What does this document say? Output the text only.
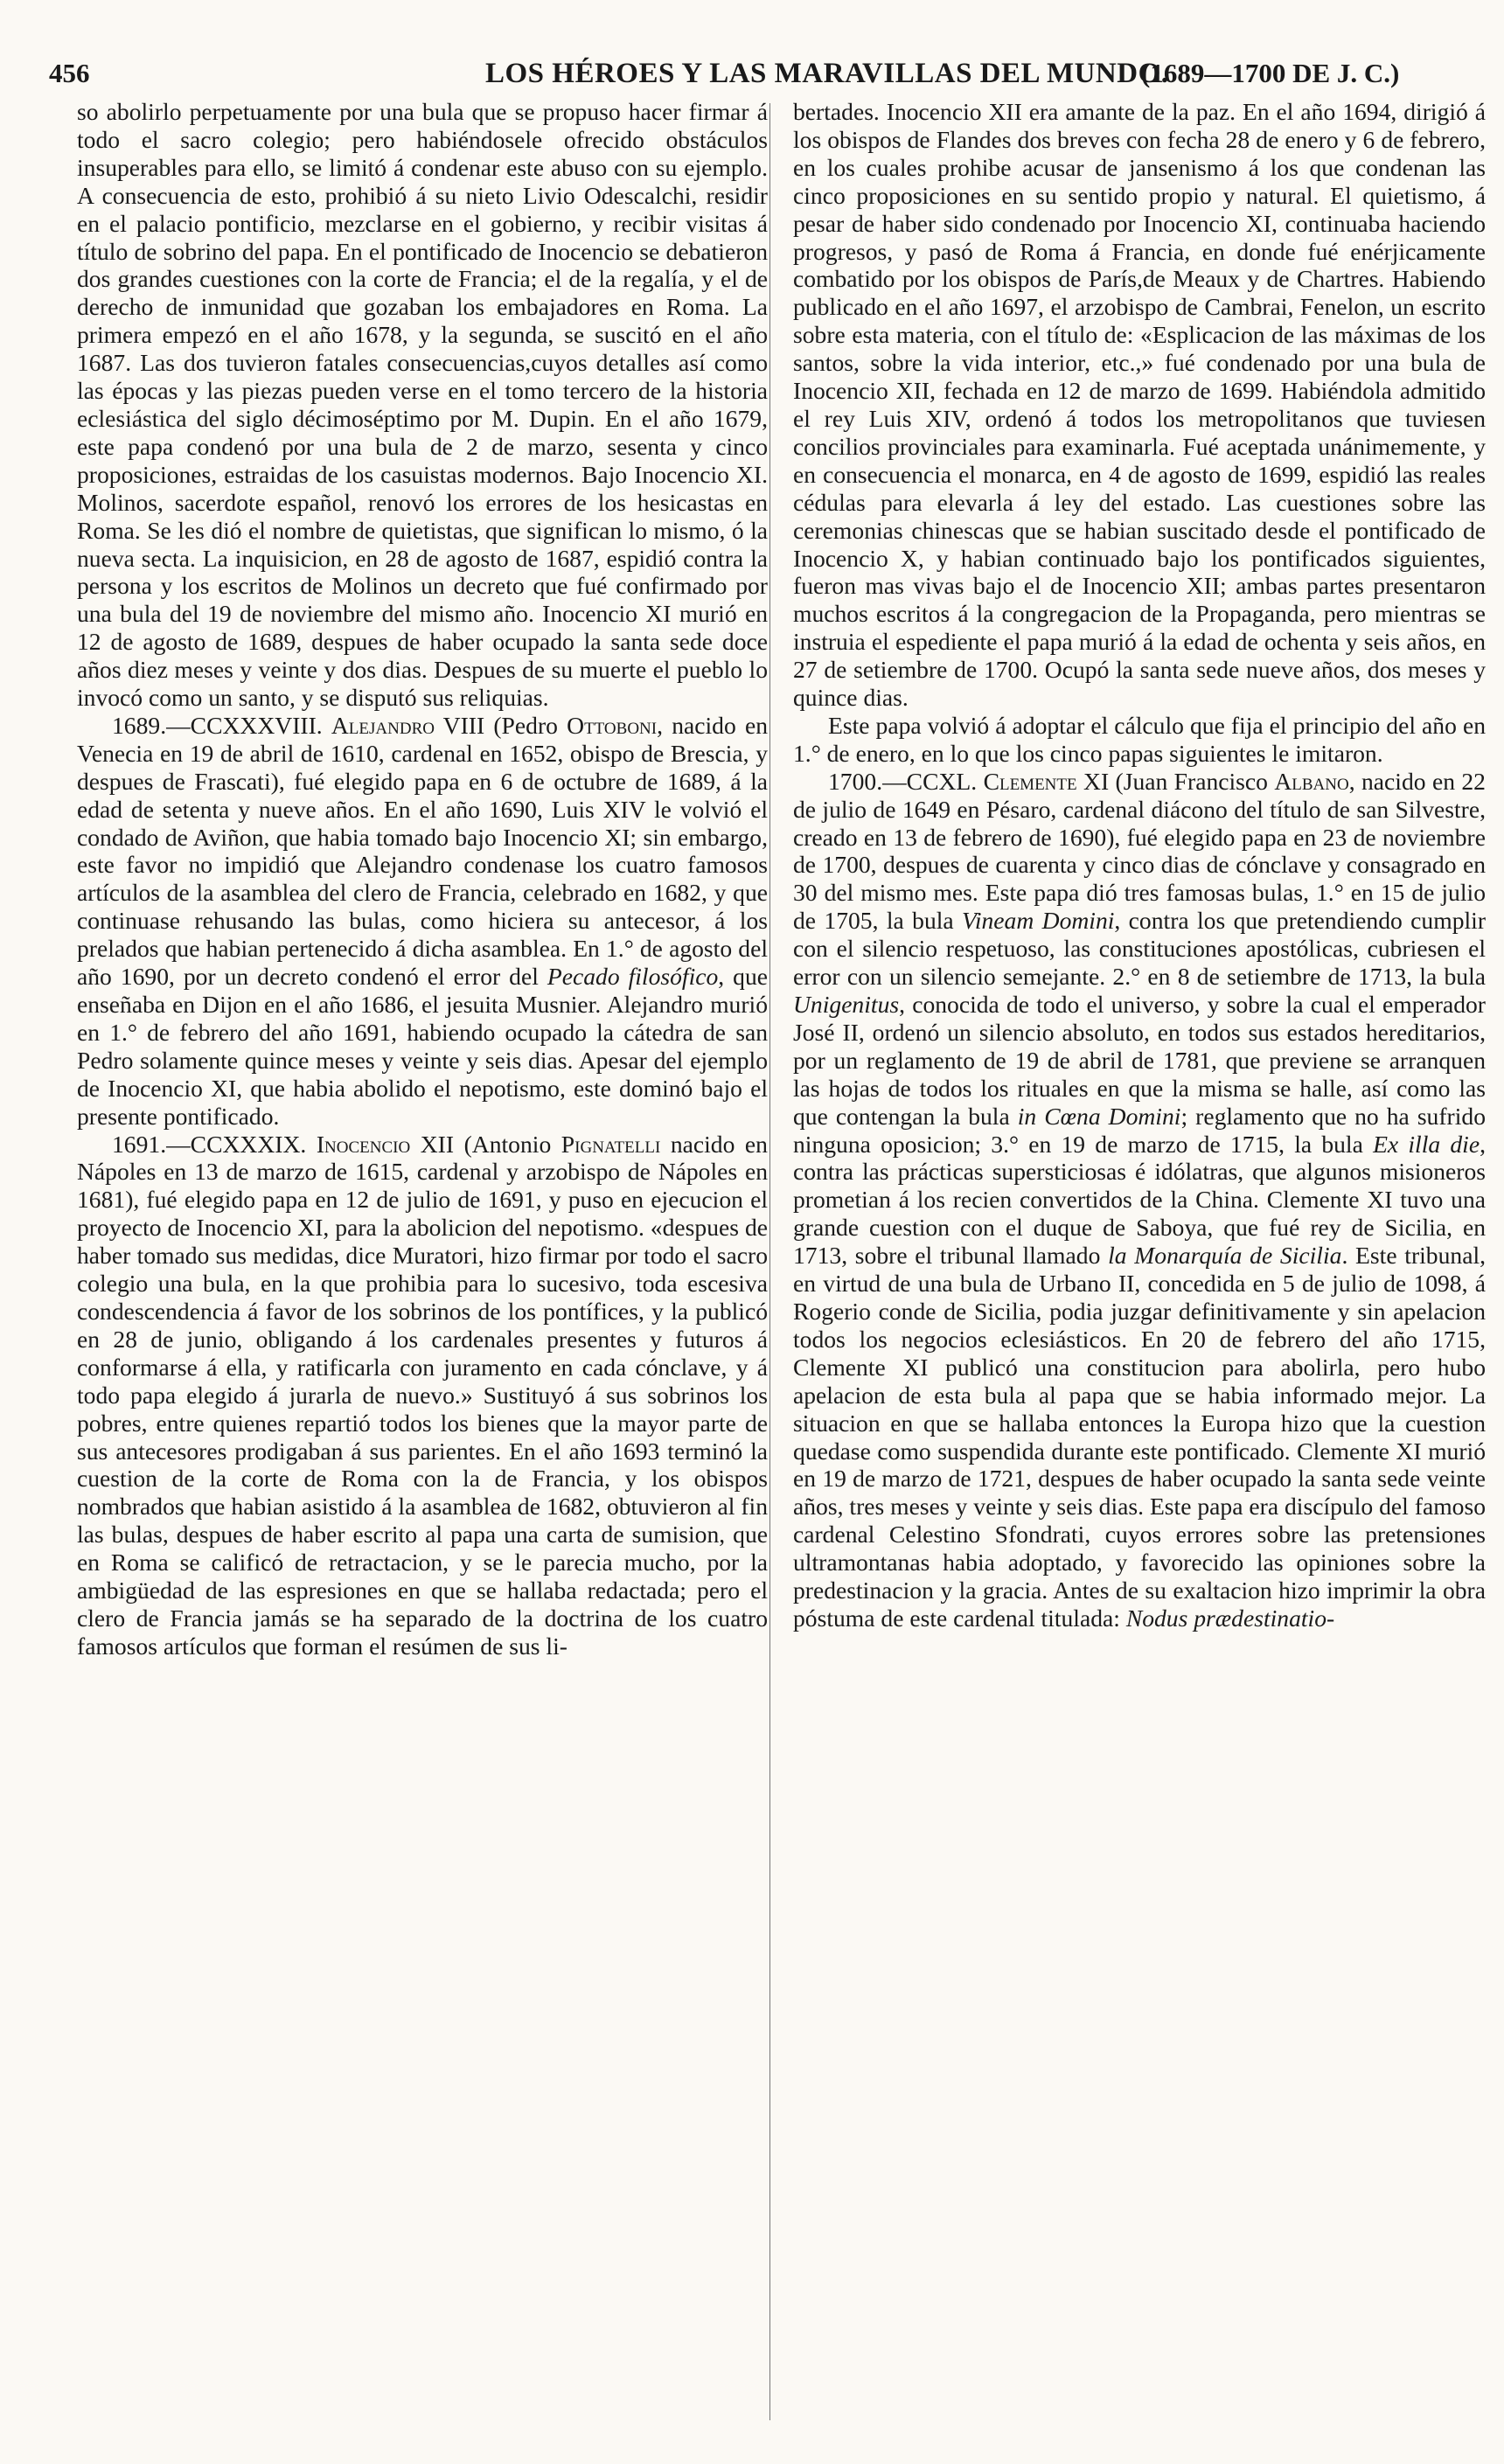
456	LOS HÉROES Y LAS MARAVILLAS DEL MUNDO.
(1689—1700 DE J. C.)

so abolirlo perpetuamente por una bula que se propuso hacer firmar á todo el sacro colegio; pero habiéndosele ofrecido obstáculos insuperables para ello, se limitó á condenar este abuso con su ejemplo. A consecuencia de esto, prohibió á su nieto Livio Odescalchi, residir en el palacio pontificio, mezclarse en el gobierno, y recibir visitas á título de sobrino del papa. En el pontificado de Inocencio se debatieron dos grandes cuestiones con la corte de Francia; el de la regalía, y el de derecho de inmunidad que gozaban los embajadores en Roma. La primera empezó en el año 1678, y la segunda, se suscitó en el año 1687. Las dos tuvieron fatales consecuencias,cuyos detalles así como las épocas y las piezas pueden verse en el tomo tercero de la historia eclesiástica del siglo décimoséptimo por M. Dupin. En el año 1679, este papa condenó por una bula de 2 de marzo, sesenta y cinco proposiciones, estraidas de los casuistas modernos. Bajo Inocencio XI. Molinos, sacerdote español, renovó los errores de los hesicastas en Roma. Se les dió el nombre de quietistas, que significan lo mismo, ó la nueva secta. La inquisicion, en 28 de agosto de 1687, espidió contra la persona y los escritos de Molinos un decreto que fué confirmado por una bula del 19 de noviembre del mismo año. Inocencio XI murió en 12 de agosto de 1689, despues de haber ocupado la santa sede doce años diez meses y veinte y dos dias. Despues de su muerte el pueblo lo invocó como un santo, y se disputó sus reliquias.

1689.—CCXXXVIII. Alejandro VIII (Pedro Ottoboni, nacido en Venecia en 19 de abril de 1610, cardenal en 1652, obispo de Brescia, y despues de Frascati), fué elegido papa en 6 de octubre de 1689, á la edad de setenta y nueve años. En el año 1690, Luis XIV le volvió el condado de Aviñon, que habia tomado bajo Inocencio XI; sin embargo, este favor no impidió que Alejandro condenase los cuatro famosos artículos de la asamblea del clero de Francia, celebrado en 1682, y que continuase rehusando las bulas, como hiciera su antecesor, á los prelados que habian pertenecido á dicha asamblea. En 1.° de agosto del año 1690, por un decreto condenó el error del Pecado filosófico, que enseñaba en Dijon en el año 1686, el jesuita Musnier. Alejandro murió en 1.° de febrero del año 1691, habiendo ocupado la cátedra de san Pedro solamente quince meses y veinte y seis dias. Apesar del ejemplo de Inocencio XI, que habia abolido el nepotismo, este dominó bajo el presente pontificado.

1691.—CCXXXIX. Inocencio XII (Antonio Pignatelli nacido en Nápoles en 13 de marzo de 1615, cardenal y arzobispo de Nápoles en 1681), fué elegido papa en 12 de julio de 1691, y puso en ejecucion el proyecto de Inocencio XI, para la abolicion del nepotismo. «despues de haber tomado sus medidas, dice Muratori, hizo firmar por todo el sacro colegio una bula, en la que prohibia para lo sucesivo, toda escesiva condescendencia á favor de los sobrinos de los pontífices, y la publicó en 28 de junio, obligando á los cardenales presentes y futuros á conformarse á ella, y ratificarla con juramento en cada cónclave, y á todo papa elegido á jurarla de nuevo.» Sustituyó á sus sobrinos los pobres, entre quienes repartió todos los bienes que la mayor parte de sus antecesores prodigaban á sus parientes. En el año 1693 terminó la cuestion de la corte de Roma con la de Francia, y los obispos nombrados que habian asistido á la asamblea de 1682, obtuvieron al fin las bulas, despues de haber escrito al papa una carta de sumision, que en Roma se calificó de retractacion, y se le parecia mucho, por la ambigüedad de las espresiones en que se hallaba redactada; pero el clero de Francia jamás se ha separado de la doctrina de los cuatro famosos artículos que forman el resúmen de sus li-

bertades. Inocencio XII era amante de la paz. En el año 1694, dirigió á los obispos de Flandes dos breves con fecha 28 de enero y 6 de febrero, en los cuales prohibe acusar de jansenismo á los que condenan las cinco proposiciones en su sentido propio y natural. El quietismo, á pesar de haber sido condenado por Inocencio XI, continuaba haciendo progresos, y pasó de Roma á Francia, en donde fué enérjicamente combatido por los obispos de París,de Meaux y de Chartres. Habiendo publicado en el año 1697, el arzobispo de Cambrai, Fenelon, un escrito sobre esta materia, con el título de: «Esplicacion de las máximas de los santos, sobre la vida interior, etc.,» fué condenado por una bula de Inocencio XII, fechada en 12 de marzo de 1699. Habiéndola admitido el rey Luis XIV, ordenó á todos los metropolitanos que tuviesen concilios provinciales para examinarla. Fué aceptada unánimemente, y en consecuencia el monarca, en 4 de agosto de 1699, espidió las reales cédulas para elevarla á ley del estado. Las cuestiones sobre las ceremonias chinescas que se habian suscitado desde el pontificado de Inocencio X, y habian continuado bajo los pontificados siguientes, fueron mas vivas bajo el de Inocencio XII; ambas partes presentaron muchos escritos á la congregacion de la Propaganda, pero mientras se instruia el espediente el papa murió á la edad de ochenta y seis años, en 27 de setiembre de 1700. Ocupó la santa sede nueve años, dos meses y quince dias.

Este papa volvió á adoptar el cálculo que fija el principio del año en 1.° de enero, en lo que los cinco papas siguientes le imitaron.

1700.—CCXL. Clemente XI (Juan Francisco Albano, nacido en 22 de julio de 1649 en Pésaro, cardenal diácono del título de san Silvestre, creado en 13 de febrero de 1690), fué elegido papa en 23 de noviembre de 1700, despues de cuarenta y cinco dias de cónclave y consagrado en 30 del mismo mes. Este papa dió tres famosas bulas, 1.° en 15 de julio de 1705, la bula Vineam Domini, contra los que pretendiendo cumplir con el silencio respetuoso, las constituciones apostólicas, cubriesen el error con un silencio semejante. 2.° en 8 de setiembre de 1713, la bula Unigenitus, conocida de todo el universo, y sobre la cual el emperador José II, ordenó un silencio absoluto, en todos sus estados hereditarios, por un reglamento de 19 de abril de 1781, que previene se arranquen las hojas de todos los rituales en que la misma se halle, así como las que contengan la bula in Cœna Domini; reglamento que no ha sufrido ninguna oposicion; 3.° en 19 de marzo de 1715, la bula Ex illa die, contra las prácticas supersticiosas é idólatras, que algunos misioneros prometian á los recien convertidos de la China. Clemente XI tuvo una grande cuestion con el duque de Saboya, que fué rey de Sicilia, en 1713, sobre el tribunal llamado la Monarquía de Sicilia. Este tribunal, en virtud de una bula de Urbano II, concedida en 5 de julio de 1098, á Rogerio conde de Sicilia, podia juzgar definitivamente y sin apelacion todos los negocios eclesiásticos. En 20 de febrero del año 1715, Clemente XI publicó una constitucion para abolirla, pero hubo apelacion de esta bula al papa que se habia informado mejor. La situacion en que se hallaba entonces la Europa hizo que la cuestion quedase como suspendida durante este pontificado. Clemente XI murió en 19 de marzo de 1721, despues de haber ocupado la santa sede veinte años, tres meses y veinte y seis dias. Este papa era discípulo del famoso cardenal Celestino Sfondrati, cuyos errores sobre las pretensiones ultramontanas habia adoptado, y favorecido las opiniones sobre la predestinacion y la gracia. Antes de su exaltacion hizo imprimir la obra póstuma de este cardenal titulada: Nodus prædestinatio-
